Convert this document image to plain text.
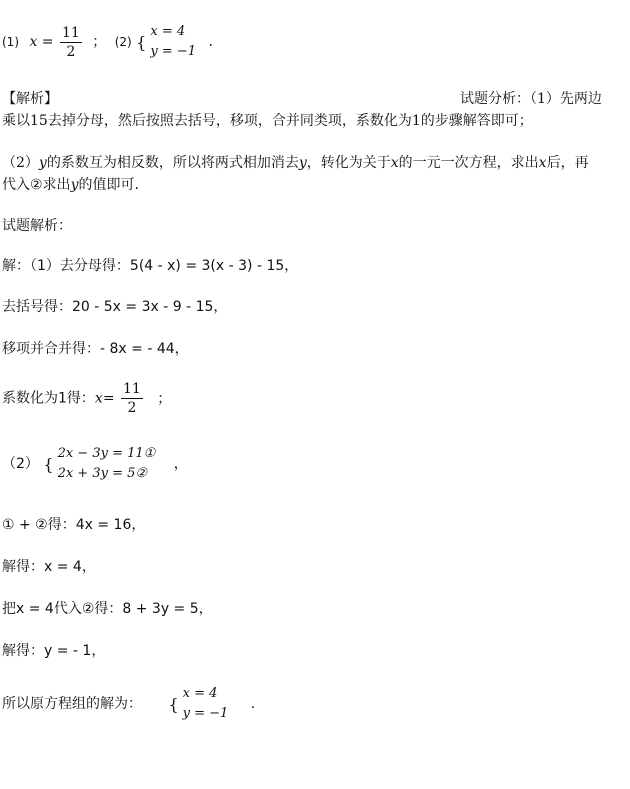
(1) $x = \frac{11}{2}$ ； (2) {
x = 4
y = −1
.
【解析】	试题分析：（1）先两边
乘以15去掉分母，然后按照去括号，移项，合并同类项，系数化为1的步骤解答即可；
（2）y的系数互为相反数，所以将两式相加消去y，转化为关于x的一元一次方程，求出x后，再
代入②求出y的值即可.
试题解析：
解：（1）去分母得：5(4 - x) = 3(x - 3) - 15，
去括号得：20 - 5x = 3x - 9 - 15，
移项并合并得：- 8x = - 44，
系数化为1得：$x= \frac{11}{2}$ ；
（2） {
2x − 3y = 11①
2x + 3y = 5②
，
① + ②得：4x = 16，
解得：x = 4，
把x = 4代入②得：8 + 3y = 5，
解得：y = - 1，
所以原方程组的解为： {
x = 4
y = −1
.
